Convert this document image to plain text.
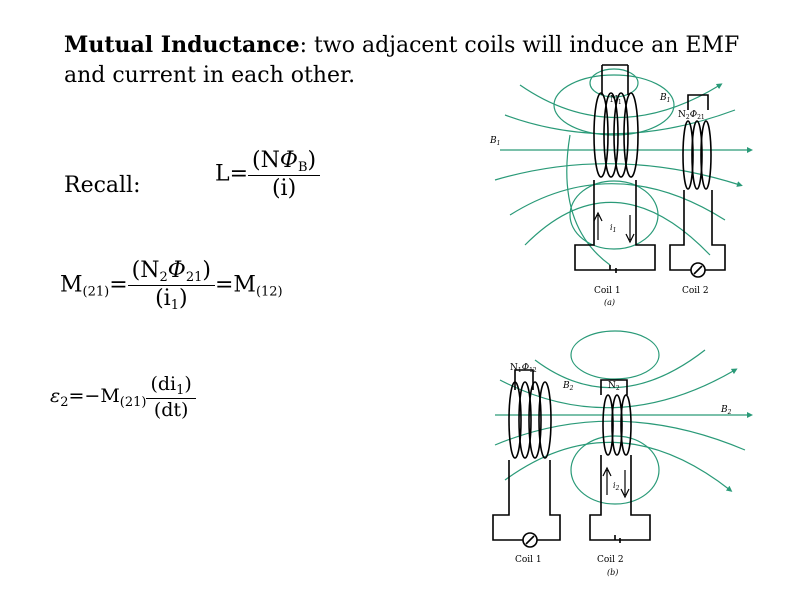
Mutual Inductance: two adjacent coils will induce an EMF and current in each other.
Recall:	$L= \frac{(N\Phi_B)}{(i)}$
$M_{(21)}= \frac{(N_2\Phi_{21})}{(i_1)} =M_{(12)}$
$\varepsilon_2=-M_{(21)} \frac{(di_1)}{(dt)}$
$N_1$	$B_1$
$N_2\Phi_{21}$
$B_1$
$i_1$
Coil 1	Coil 2
(a)
$N_1\Phi_{12}$
$B_2$	$N_2$
$B_2$
$i_2$
Coil 1	Coil 2
(b)
